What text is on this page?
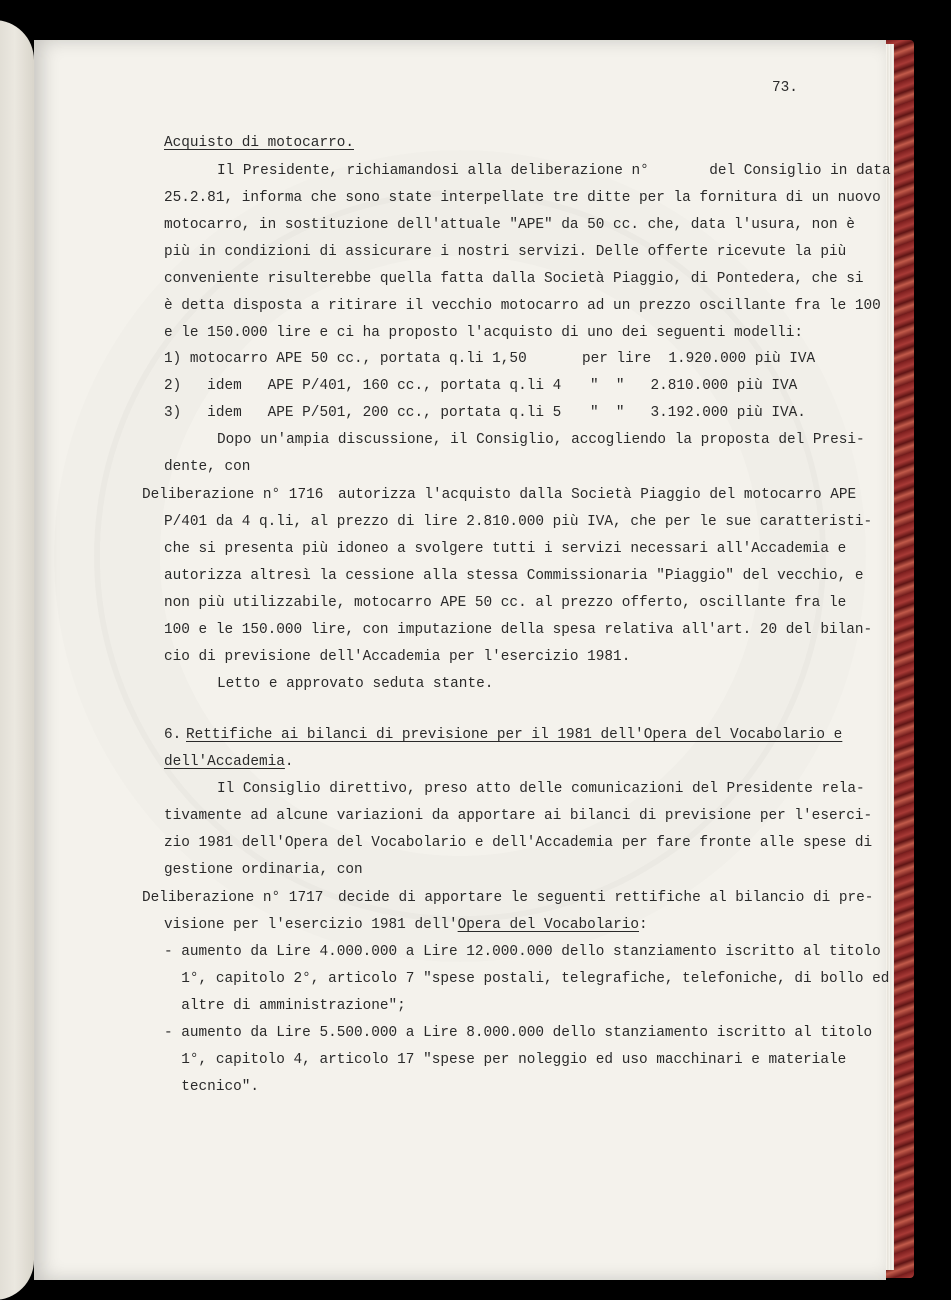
73.
Acquisto di motocarro.
Il Presidente, richiamandosi alla deliberazione n°       del Consiglio in data
25.2.81, informa che sono state interpellate tre ditte per la fornitura di un nuovo
motocarro, in sostituzione dell'attuale "APE" da 50 cc. che, data l'usura, non è
più in condizioni di assicurare i nostri servizi. Delle offerte ricevute la più
conveniente risulterebbe quella fatta dalla Società Piaggio, di Pontedera, che si
è detta disposta a ritirare il vecchio motocarro ad un prezzo oscillante fra le 100
e le 150.000 lire e ci ha proposto l'acquisto di uno dei seguenti modelli:
1) motocarro APE 50 cc., portata q.li 1,50	per lire  1.920.000 più IVA
2)   idem   APE P/401, 160 cc., portata q.li 4 "  "   2.810.000 più IVA
3)   idem   APE P/501, 200 cc., portata q.li 5 "  "   3.192.000 più IVA.
Dopo un'ampia discussione, il Consiglio, accogliendo la proposta del Presi-
dente, con
Deliberazione n° 1716 autorizza l'acquisto dalla Società Piaggio del motocarro APE
P/401 da 4 q.li, al prezzo di lire 2.810.000 più IVA, che per le sue caratteristi-
che si presenta più idoneo a svolgere tutti i servizi necessari all'Accademia e
autorizza altresì la cessione alla stessa Commissionaria "Piaggio" del vecchio, e
non più utilizzabile, motocarro APE 50 cc. al prezzo offerto, oscillante fra le
100 e le 150.000 lire, con imputazione della spesa relativa all'art. 20 del bilan-
cio di previsione dell'Accademia per l'esercizio 1981.
Letto e approvato seduta stante.
6. Rettifiche ai bilanci di previsione per il 1981 dell'Opera del Vocabolario e
dell'Accademia.
Il Consiglio direttivo, preso atto delle comunicazioni del Presidente rela-
tivamente ad alcune variazioni da apportare ai bilanci di previsione per l'eserci-
zio 1981 dell'Opera del Vocabolario e dell'Accademia per fare fronte alle spese di
gestione ordinaria, con
Deliberazione n° 1717 decide di apportare le seguenti rettifiche al bilancio di pre-
visione per l'esercizio 1981 dell'Opera del Vocabolario:
- aumento da Lire 4.000.000 a Lire 12.000.000 dello stanziamento iscritto al titolo
1°, capitolo 2°, articolo 7 "spese postali, telegrafiche, telefoniche, di bollo ed
altre di amministrazione";
- aumento da Lire 5.500.000 a Lire 8.000.000 dello stanziamento iscritto al titolo
1°, capitolo 4, articolo 17 "spese per noleggio ed uso macchinari e materiale
tecnico".
